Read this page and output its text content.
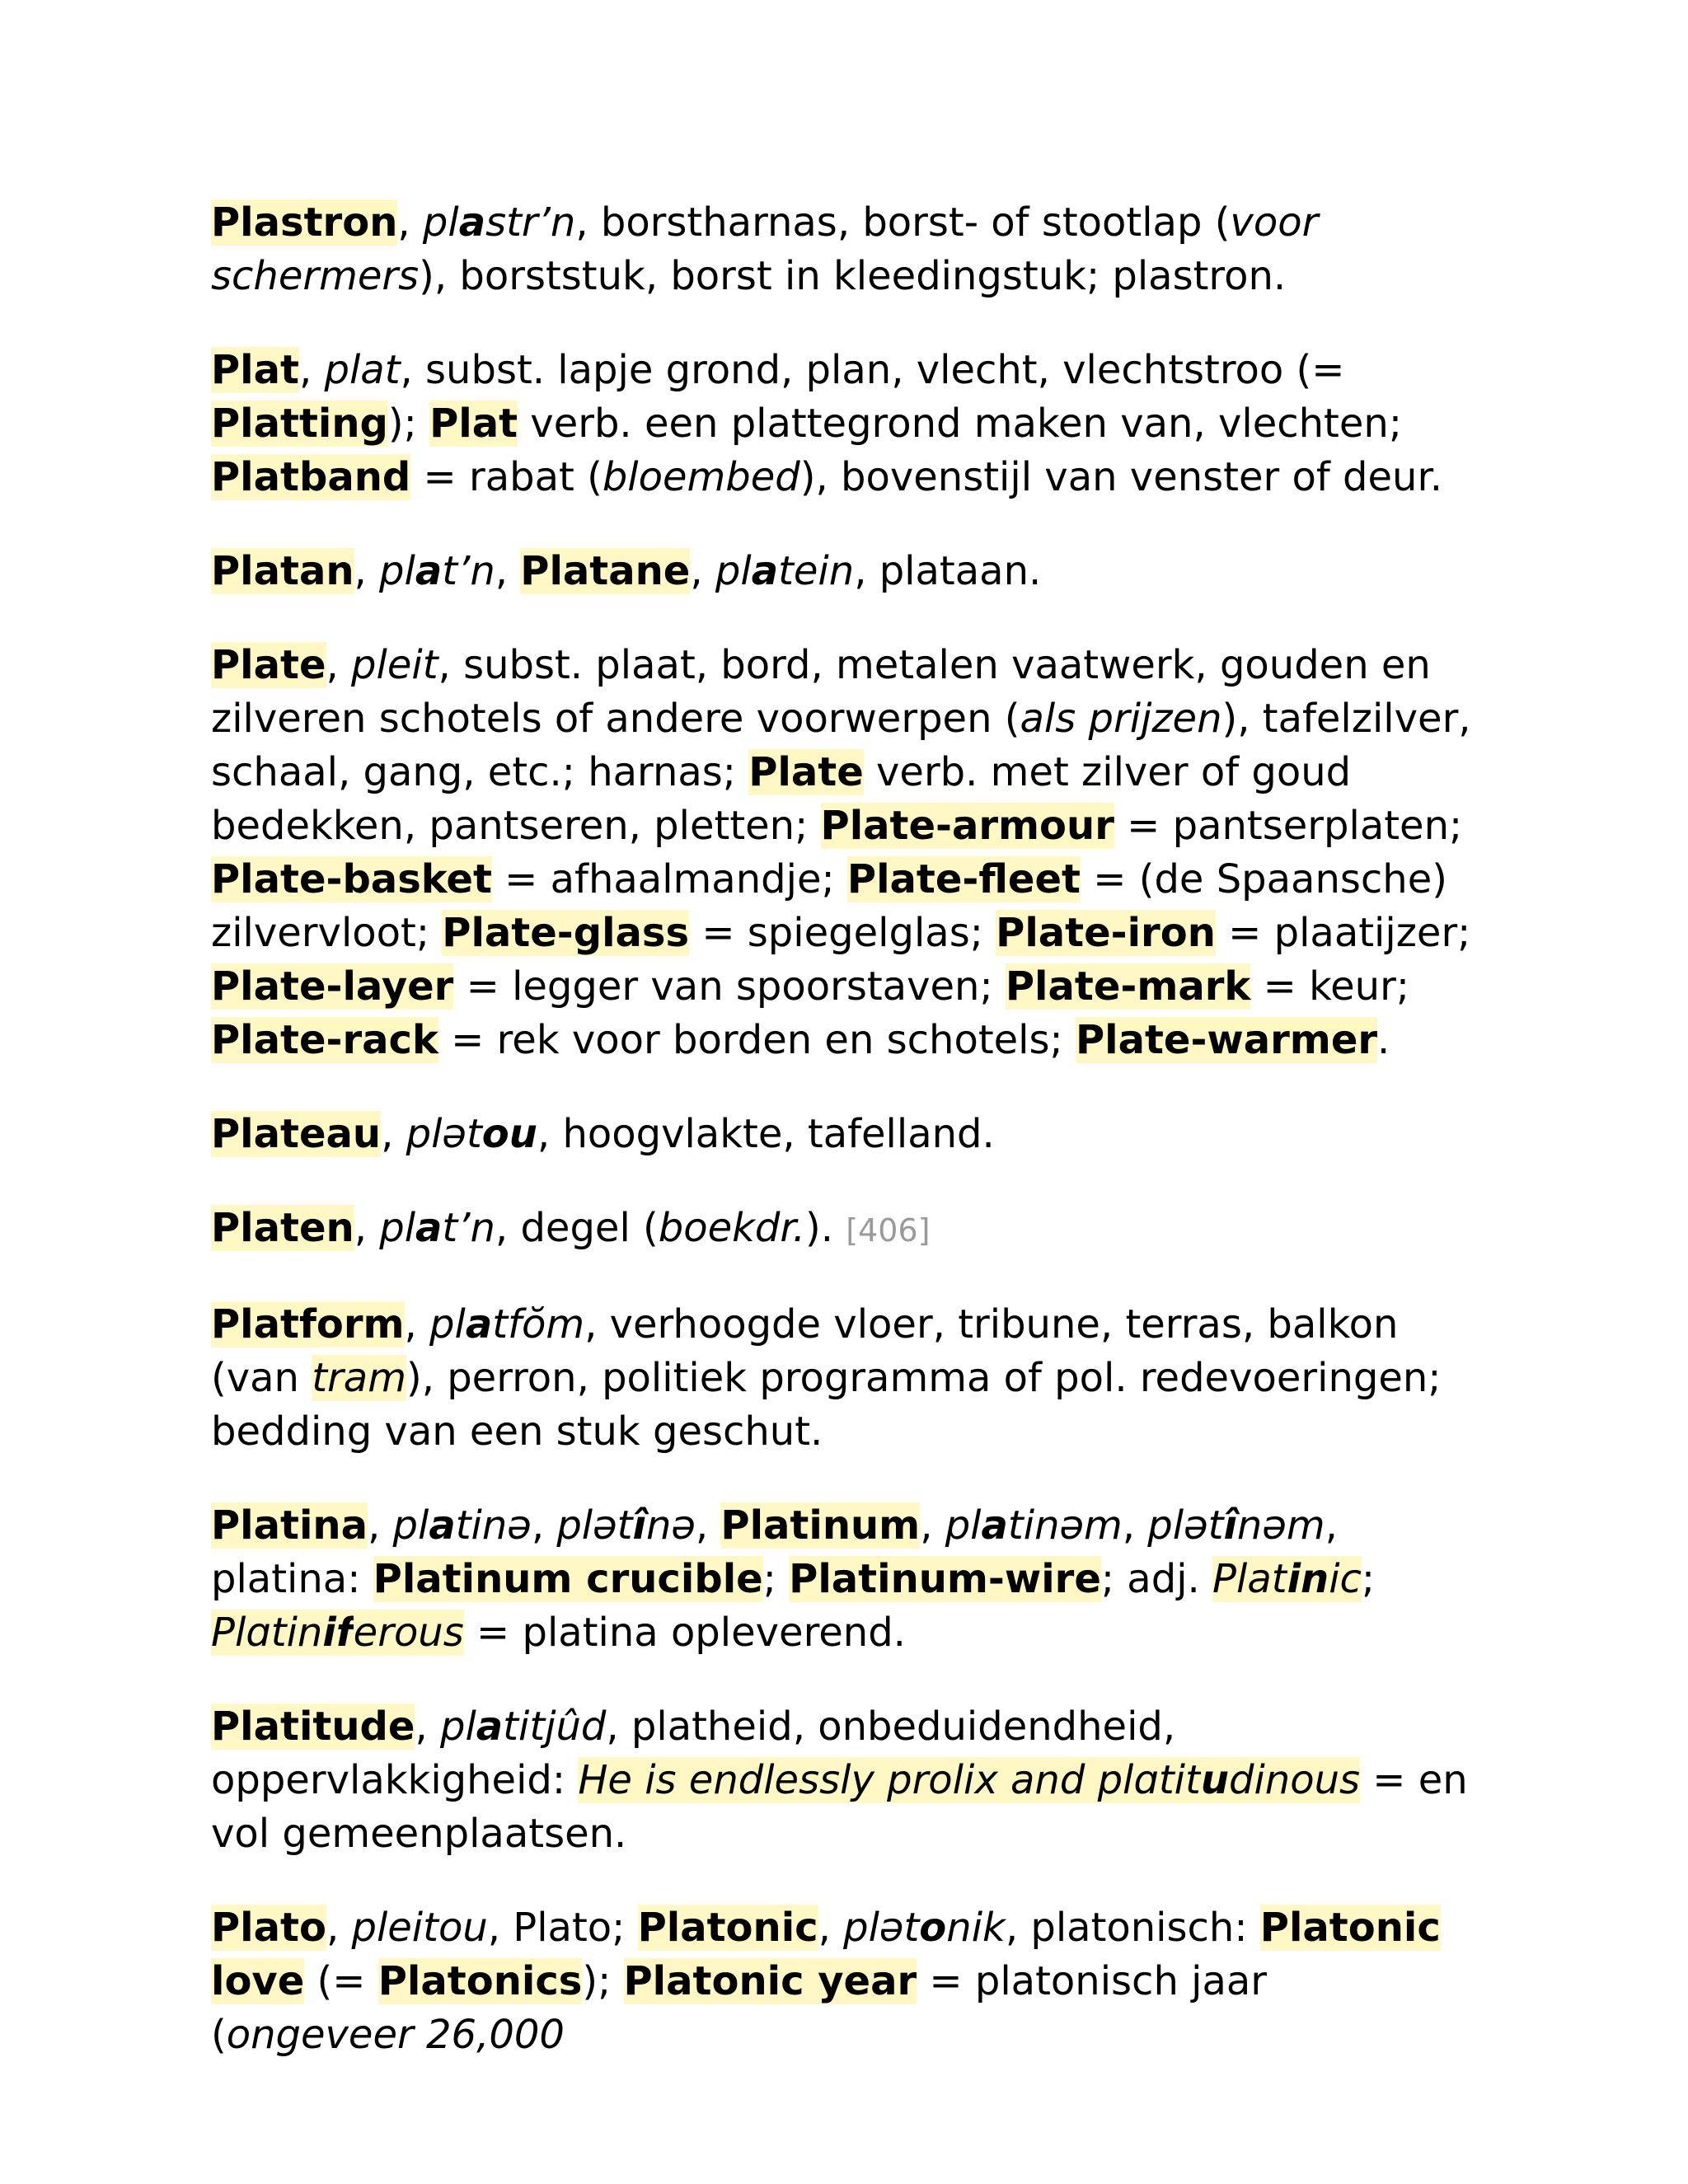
Plastron, plastr’n, borstharnas, borst- of stootlap (voor schermers), borststuk, borst in kleedingstuk; plastron.

Plat, plat, subst. lapje grond, plan, vlecht, vlechtstroo (= Platting); Plat verb. een plattegrond maken van, vlechten; Platband = rabat (bloembed), bovenstijl van venster of deur.

Platan, plat’n, Platane, platein, plataan.

Plate, pleit, subst. plaat, bord, metalen vaatwerk, gouden en zilveren schotels of andere voorwerpen (als prijzen), tafelzilver, schaal, gang, etc.; harnas; Plate verb. met zilver of goud bedekken, pantseren, pletten; Plate-armour = pantserplaten; Plate-basket = afhaalmandje; Plate-fleet = (de Spaansche) zilvervloot; Plate-glass = spiegelglas; Plate-iron = plaatijzer; Plate-layer = legger van spoorstaven; Plate-mark = keur; Plate-rack = rek voor borden en schotels; Plate-warmer.

Plateau, plətou, hoogvlakte, tafelland.

Platen, plat’n, degel (boekdr.). [406]

Platform, platfŏm, verhoogde vloer, tribune, terras, balkon (van tram), perron, politiek programma of pol. redevoeringen; bedding van een stuk geschut.

Platina, platinə, plətînə, Platinum, platinəm, plətînəm, platina: Platinum crucible; Platinum-wire; adj. Platinic; Plɑtiniferous = platina opleverend.

Platitude, platitjûd, platheid, onbeduidendheid, oppervlakkigheid: He is endlessly prolix and plɑtitudinous = en vol gemeenplaatsen.

Plato, pleitou, Plato; Platonic, plətonik, platonisch: Platonic love (= Platonics); Platonic year = platonisch jaar (ongeveer 26,000
